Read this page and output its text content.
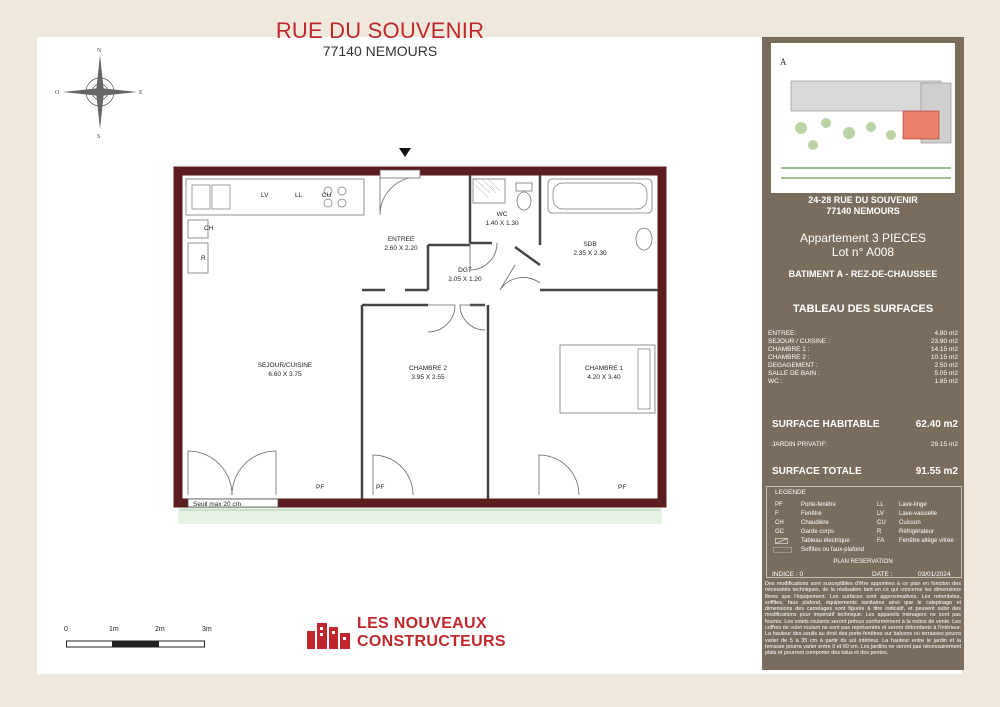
RUE DU SOUVENIR
77140 NEMOURS
N
S
O	E
ENTREE
2.60 X 2.20
WC
1.40 X 1.30
SDB
2.35 X 2.30
DGT
2.05 X 1.20
SEJOUR/CUISINE
6.60 X 3.75
CHAMBRE 2
3.95 X 2.55
CHAMBRE 1
4.20 X 3.40
LV	LL	CU
CH
R
PF	PF	PF
Seuil max 20 cm
0	1m	2m	3m	LES NOUVEAUX
CONSTRUCTEURS
A
24-28 RUE DU SOUVENIR
77140 NEMOURS
Appartement 3 PIECES
Lot n° A008
BATIMENT A - REZ-DE-CHAUSSEE
TABLEAU DES SURFACES
ENTREE:	4.80 m2
SEJOUR / CUISINE :	23.90 m2
CHAMBRE 1 :	14.15 m2
CHAMBRE 2 :	10.15 m2
DEGAGEMENT :	2.50 m2
SALLE DE BAIN :	5.05 m2
WC :	1.85 m2
SURFACE HABITABLE	62.40 m2
JARDIN PRIVATIF:	29.15 m2
SURFACE TOTALE	91.55 m2
LEGENDE
PF	Porte-fenêtre
F	Fenêtre
CH	Chaudière
GC	Garde corps
Tableau électrique
Soffites ou faux-plafond
LL	Lave-linge
LV	Lave-vaisselle
CU Cuisson
R	Réfrigérateur
FA Fenêtre allège vitrée
PLAN RESERVATION
INDICE : 0	DATE :	03/01/2024
Des modifications sont susceptibles d'être apportées à ce plan en fonction des nécessités techniques, de la réalisation tant en ce qui concerne les dimensions libres que l'équipement. Les surfaces sont approximatives. Les retombées, soffites, faux plafond, équipements sanitaires ainsi que le calepinage et dimensions des carrelages sont figurés à titre indicatif, et peuvent subir des modifications pour impératif technique. Les appareils ménagers ne sont pas fournis. Les volets roulants seront prévus conformément à la notice de vente. Les coffres de volet roulant ne sont pas représentés et seront débordants à l'intérieur. La hauteur des seuils au droit des porte-fenêtres sur balcons ou terrasses pourra varier de 5 à 35 cm à partir du sol intérieur. La hauteur entre le jardin et la terrasse pourra varier entre 0 et 60 cm. Les jardins ne seront pas nécessairement plats et pourront comporter des talus et des pentes.
